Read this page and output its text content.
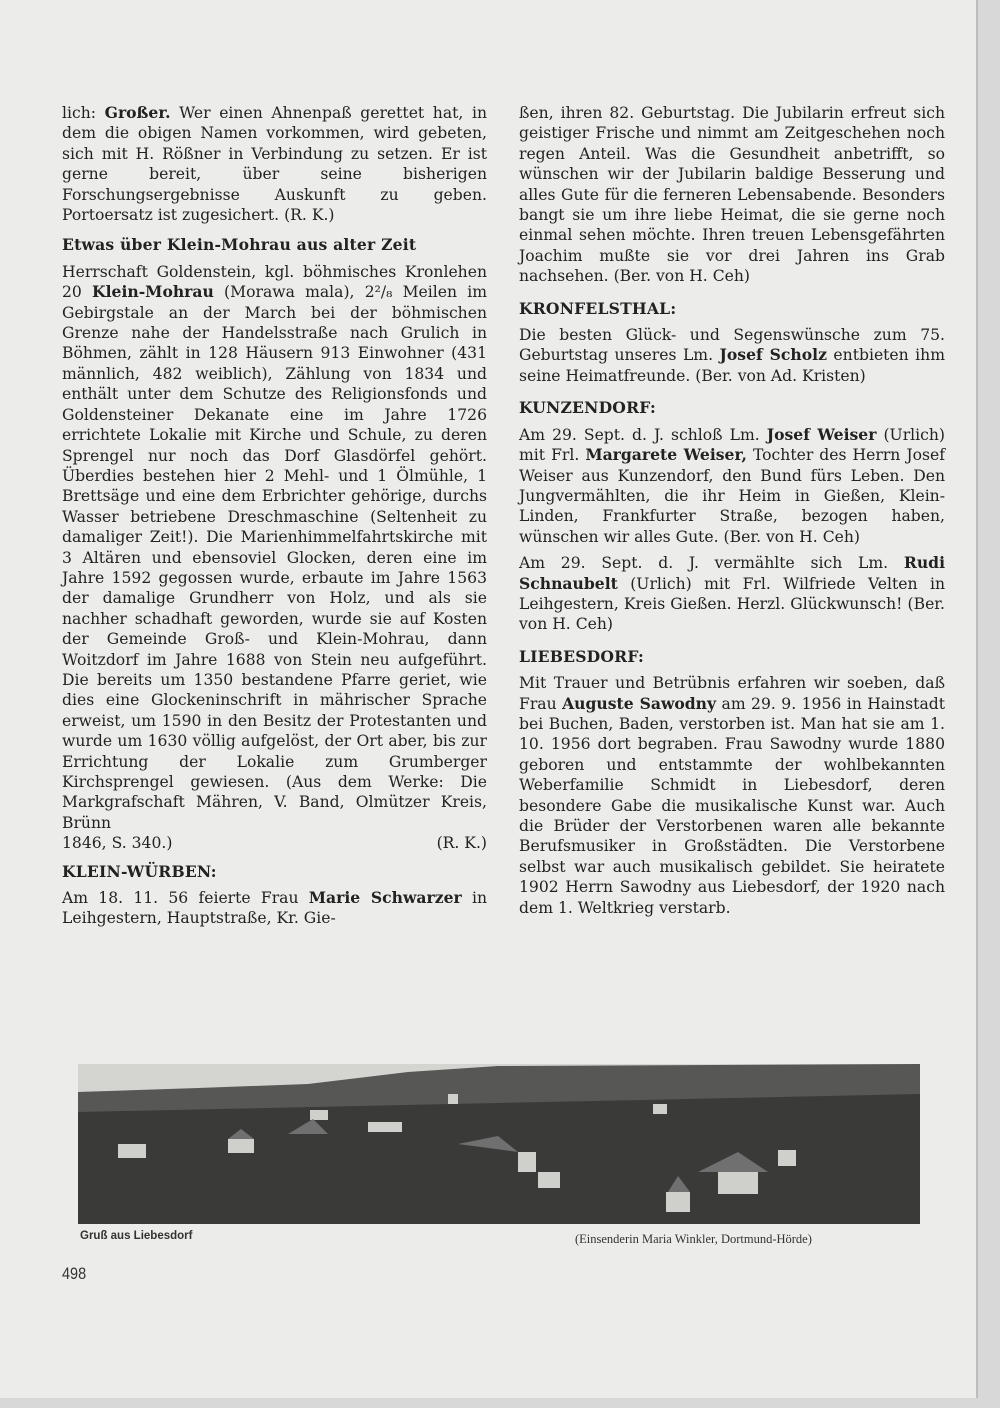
lich: Großer. Wer einen Ahnenpaß gerettet hat, in dem die obigen Namen vorkommen, wird gebeten, sich mit H. Rößner in Verbindung zu setzen. Er ist gerne bereit, über seine bisherigen Forschungsergebnisse Auskunft zu geben. Portoersatz ist zugesichert. (R. K.)

Etwas über Klein-Mohrau aus alter Zeit

Herrschaft Goldenstein, kgl. böhmisches Kronlehen 20 Klein-Mohrau (Morawa mala), 2²/₈ Meilen im Gebirgstale an der March bei der böhmischen Grenze nahe der Handelsstraße nach Grulich in Böhmen, zählt in 128 Häusern 913 Einwohner (431 männlich, 482 weiblich), Zählung von 1834 und enthält unter dem Schutze des Religionsfonds und Goldensteiner Dekanate eine im Jahre 1726 errichtete Lokalie mit Kirche und Schule, zu deren Sprengel nur noch das Dorf Glasdörfel gehört. Überdies bestehen hier 2 Mehl- und 1 Ölmühle, 1 Brettsäge und eine dem Erbrichter gehörige, durchs Wasser betriebene Dreschmaschine (Seltenheit zu damaliger Zeit!). Die Marienhimmelfahrtskirche mit 3 Altären und ebensoviel Glocken, deren eine im Jahre 1592 gegossen wurde, erbaute im Jahre 1563 der damalige Grundherr von Holz, und als sie nachher schadhaft geworden, wurde sie auf Kosten der Gemeinde Groß- und Klein-Mohrau, dann Woitzdorf im Jahre 1688 von Stein neu aufgeführt. Die bereits um 1350 bestandene Pfarre geriet, wie dies eine Glockeninschrift in mährischer Sprache erweist, um 1590 in den Besitz der Protestanten und wurde um 1630 völlig aufgelöst, der Ort aber, bis zur Errichtung der Lokalie zum Grumberger Kirchsprengel gewiesen. (Aus dem Werke: Die Markgrafschaft Mähren, V. Band, Olmützer Kreis, Brünn

1846, S. 340.)	(R. K.)
KLEIN-WÜRBEN:

Am 18. 11. 56 feierte Frau Marie Schwarzer in Leihgestern, Hauptstraße, Kr. Gie-

ßen, ihren 82. Geburtstag. Die Jubilarin erfreut sich geistiger Frische und nimmt am Zeitgeschehen noch regen Anteil. Was die Gesundheit anbetrifft, so wünschen wir der Jubilarin baldige Besserung und alles Gute für die ferneren Lebensabende. Besonders bangt sie um ihre liebe Heimat, die sie gerne noch einmal sehen möchte. Ihren treuen Lebensgefährten Joachim mußte sie vor drei Jahren ins Grab nachsehen. (Ber. von H. Ceh)

KRONFELSTHAL:

Die besten Glück- und Segenswünsche zum 75. Geburtstag unseres Lm. Josef Scholz entbieten ihm seine Heimatfreunde. (Ber. von Ad. Kristen)

KUNZENDORF:

Am 29. Sept. d. J. schloß Lm. Josef Weiser (Urlich) mit Frl. Margarete Weiser, Tochter des Herrn Josef Weiser aus Kunzendorf, den Bund fürs Leben. Den Jungvermählten, die ihr Heim in Gießen, Klein-Linden, Frankfurter Straße, bezogen haben, wünschen wir alles Gute. (Ber. von H. Ceh)

Am 29. Sept. d. J. vermählte sich Lm. Rudi Schnaubelt (Urlich) mit Frl. Wilfriede Velten in Leihgestern, Kreis Gießen. Herzl. Glückwunsch! (Ber. von H. Ceh)

LIEBESDORF:

Mit Trauer und Betrübnis erfahren wir soeben, daß Frau Auguste Sawodny am 29. 9. 1956 in Hainstadt bei Buchen, Baden, verstorben ist. Man hat sie am 1. 10. 1956 dort begraben. Frau Sawodny wurde 1880 geboren und entstammte der wohlbekannten Weberfamilie Schmidt in Liebesdorf, deren besondere Gabe die musikalische Kunst war. Auch die Brüder der Verstorbenen waren alle bekannte Berufsmusiker in Großstädten. Die Verstorbene selbst war auch musikalisch gebildet. Sie heiratete 1902 Herrn Sawodny aus Liebesdorf, der 1920 nach dem 1. Weltkrieg verstarb.

Gruß aus Liebesdorf	(Einsenderin Maria Winkler, Dortmund-Hörde)
498
